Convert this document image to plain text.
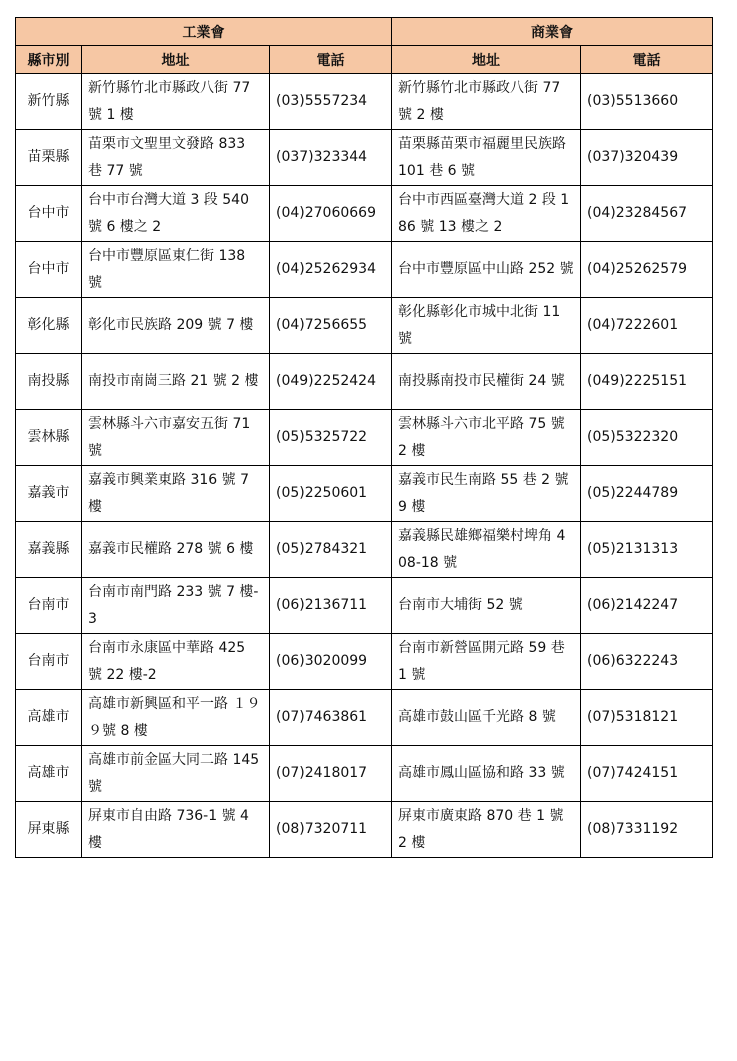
工業會			商業會	
縣市別	地址	電話	地址	電話
新竹縣	新竹縣竹北市縣政八街 77 號 1 樓	(03)5557234	新竹縣竹北市縣政八街 77 號 2 樓	(03)5513660
苗栗縣	苗栗市文聖里文發路 833 巷 77 號	(037)323344	苗栗縣苗栗市福麗里民族路 101 巷 6 號	(037)320439
台中市	台中市台灣大道 3 段 540 號 6 樓之 2	(04)27060669	台中市西區臺灣大道 2 段 186 號 13 樓之 2	(04)23284567
台中市	台中市豐原區東仁街 138 號	(04)25262934	台中市豐原區中山路 252 號	(04)25262579
彰化縣	彰化市民族路 209 號 7 樓	(04)7256655	彰化縣彰化市城中北街 11 號	(04)7222601
南投縣	南投市南崗三路 21 號 2 樓	(049)2252424	南投縣南投市民權街 24 號	(049)2225151
雲林縣	雲林縣斗六市嘉安五街 71 號	(05)5325722	雲林縣斗六市北平路 75 號 2 樓	(05)5322320
嘉義市	嘉義市興業東路 316 號 7 樓	(05)2250601	嘉義市民生南路 55 巷 2 號 9 樓	(05)2244789
嘉義縣	嘉義市民權路 278 號 6 樓	(05)2784321	嘉義縣民雄鄉福樂村埤角 408-18 號	(05)2131313
台南市	台南市南門路 233 號 7 樓-3	(06)2136711	台南市大埔街 52 號	(06)2142247
台南市	台南市永康區中華路 425 號 22 樓-2	(06)3020099	台南市新營區開元路 59 巷 1 號	(06)6322243
高雄市	高雄市新興區和平一路 １９９號 8 樓	(07)7463861	高雄市鼓山區千光路 8 號	(07)5318121
高雄市	高雄市前金區大同二路 145 號	(07)2418017	高雄市鳳山區協和路 33 號	(07)7424151
屏東縣	屏東市自由路 736-1 號 4 樓	(08)7320711	屏東市廣東路 870 巷 1 號 2 樓	(08)7331192
